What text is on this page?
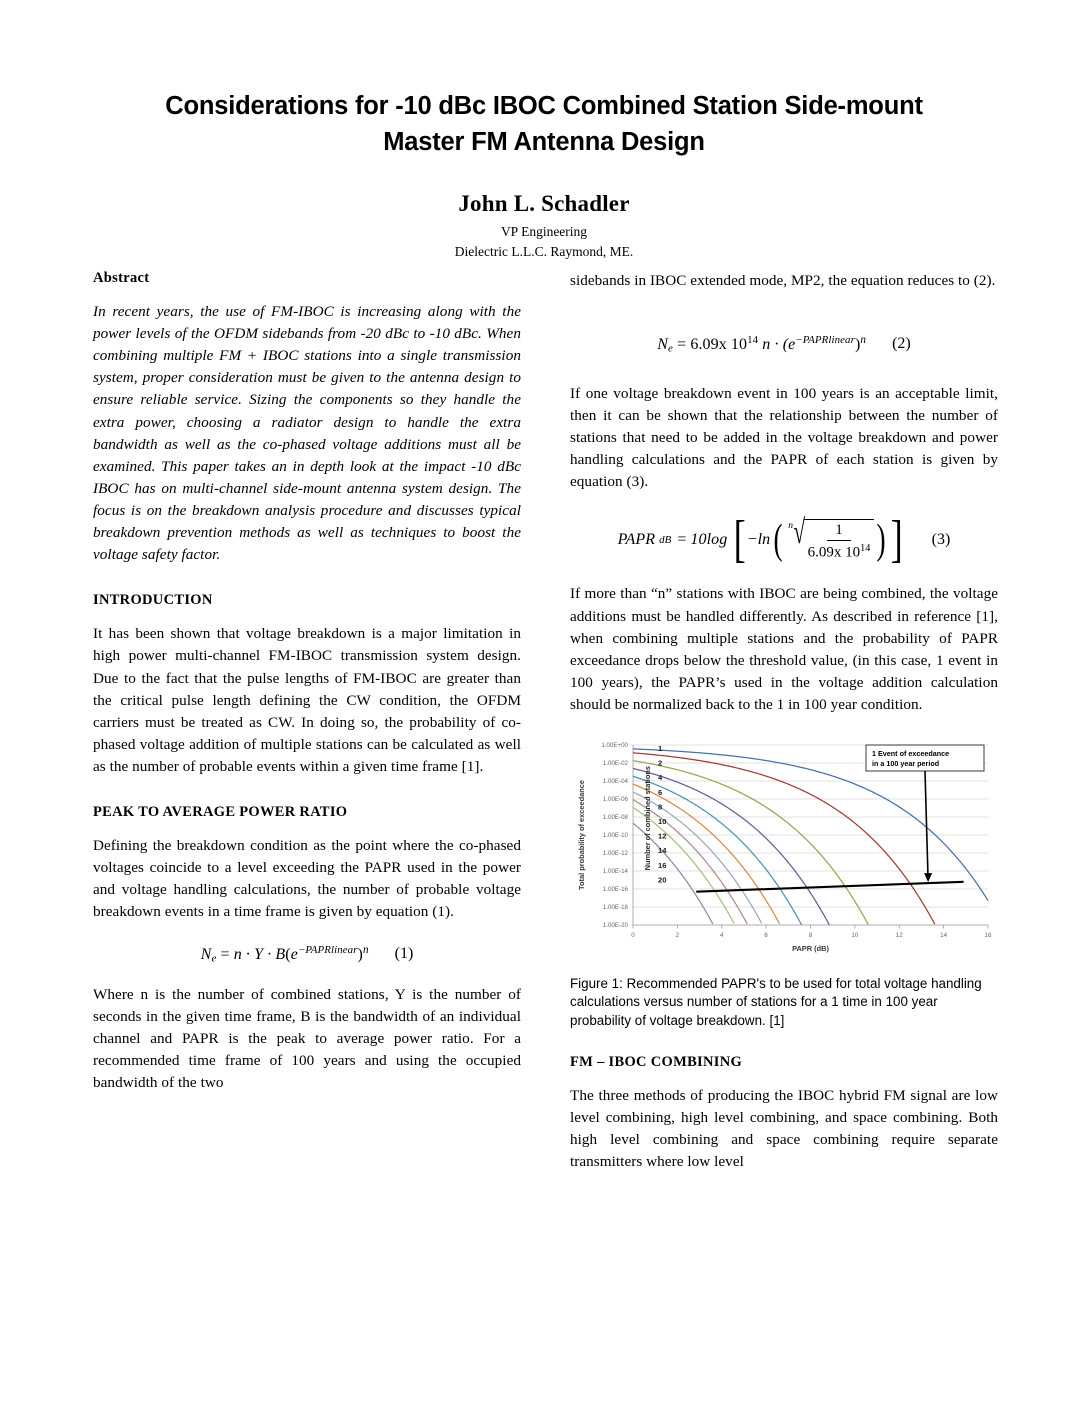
Considerations for -10 dBc IBOC Combined Station Side-mount
Master FM Antenna Design
John L. Schadler
VP Engineering
Dielectric L.L.C. Raymond, ME.
Abstract

In recent years, the use of FM-IBOC is increasing along with the power levels of the OFDM sidebands from -20 dBc to -10 dBc. When combining multiple FM + IBOC stations into a single transmission system, proper consideration must be given to the antenna design to ensure reliable service. Sizing the components so they handle the extra power, choosing a radiator design to handle the extra bandwidth as well as the co-phased voltage additions must all be examined. This paper takes an in depth look at the impact -10 dBc IBOC has on multi-channel side-mount antenna system design. The focus is on the breakdown analysis procedure and discusses typical breakdown prevention methods as well as techniques to boost the voltage safety factor.

INTRODUCTION

It has been shown that voltage breakdown is a major limitation in high power multi-channel FM-IBOC transmission system design. Due to the fact that the pulse lengths of FM-IBOC are greater than the critical pulse length defining the CW condition, the OFDM carriers must be treated as CW. In doing so, the probability of co-phased voltage addition of multiple stations can be calculated as well as the number of probable events within a given time frame [1].

PEAK TO AVERAGE POWER RATIO

Defining the breakdown condition as the point where the co-phased voltages coincide to a level exceeding the PAPR used in the power and voltage handling calculations, the number of probable voltage breakdown events in a time frame is given by equation (1).

$N_e = n \cdot Y \cdot B(e^{-PAPRlinear})^n$ (1)

Where n is the number of combined stations, Y is the number of seconds in the given time frame, B is the bandwidth of an individual channel and PAPR is the peak to average power ratio. For a recommended time frame of 100 years and using the occupied bandwidth of the two

sidebands in IBOC extended mode, MP2, the equation reduces to (2).

$N_e = 6.09x$ $10^{14}$ $n \cdot (e^{-PAPRlinear})^n$ (2)

If one voltage breakdown event in 100 years is an acceptable limit, then it can be shown that the relationship between the number of stations that need to be added in the voltage breakdown and power handling calculations and the PAPR of each station is given by equation (3).

PAPR dB = 10log [ −ln ( n √
$\frac{1}{6.09x 10^{14}}$ ) ] (3)

If more than “n” stations with IBOC are being combined, the voltage additions must be handled differently. As described in reference [1], when combining multiple stations and the probability of PAPR exceedance drops below the threshold value, (in this case, 1 event in 100 years), the PAPR’s used in the voltage addition calculation should be normalized back to the 1 in 100 year condition.

1.00E+00
1.00E-02
1.00E-04
1.00E-06
1.00E-08
1.00E-10
1.00E-12
1.00E-14
1.00E-16
1.00E-18
1.00E-20
0	2	4	6	8	10	12	14	16
PAPR (dB)
Total probability of exceedance	Number of combined stations
1
2
4
6
8
10
12
14
16
20
1 Event of exceedance
in a 100 year period
Figure 1: Recommended PAPR's to be used for total voltage handling calculations versus number of stations for a 1 time in 100 year probability of voltage breakdown. [1]
FM – IBOC COMBINING

The three methods of producing the IBOC hybrid FM signal are low level combining, high level combining, and space combining. Both high level combining and space combining require separate transmitters where low level
